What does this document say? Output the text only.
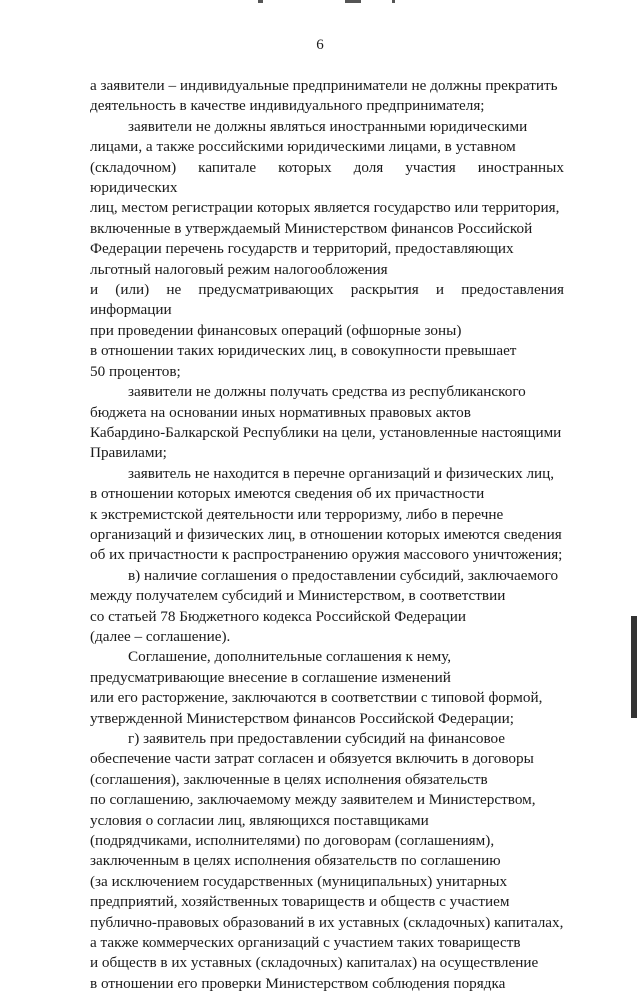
6

а заявители – индивидуальные предприниматели не должны прекратить
деятельность в качестве индивидуального предпринимателя;

заявители не должны являться иностранными юридическими
лицами, а также российскими юридическими лицами, в уставном
(складочном) капитале которых доля участия иностранных юридических
лиц, местом регистрации которых является государство или территория,
включенные в утверждаемый Министерством финансов Российской
Федерации перечень государств и территорий, предоставляющих
льготный налоговый режим налогообложения
и (или) не предусматривающих раскрытия и предоставления информации
при проведении финансовых операций (офшорные зоны)
в отношении таких юридических лиц, в совокупности превышает
50 процентов;

заявители не должны получать средства из республиканского
бюджета на основании иных нормативных правовых актов
Кабардино-Балкарской Республики на цели, установленные настоящими
Правилами;

заявитель не находится в перечне организаций и физических лиц,
в отношении которых имеются сведения об их причастности
к экстремистской деятельности или терроризму, либо в перечне
организаций и физических лиц, в отношении которых имеются сведения
об их причастности к распространению оружия массового уничтожения;

в) наличие соглашения о предоставлении субсидий, заключаемого
между получателем субсидий и Министерством, в соответствии
со статьей 78 Бюджетного кодекса Российской Федерации
(далее – соглашение).

Соглашение, дополнительные соглашения к нему,
предусматривающие внесение в соглашение изменений
или его расторжение, заключаются в соответствии с типовой формой,
утвержденной Министерством финансов Российской Федерации;

г) заявитель при предоставлении субсидий на финансовое
обеспечение части затрат согласен и обязуется включить в договоры
(соглашения), заключенные в целях исполнения обязательств
по соглашению, заключаемому между заявителем и Министерством,
условия о согласии лиц, являющихся поставщиками
(подрядчиками, исполнителями) по договорам (соглашениям),
заключенным в целях исполнения обязательств по соглашению
(за исключением государственных (муниципальных) унитарных
предприятий, хозяйственных товариществ и обществ с участием
публично-правовых образований в их уставных (складочных) капиталах,
а также коммерческих организаций с участием таких товариществ
и обществ в их уставных (складочных) капиталах) на осуществление
в отношении его проверки Министерством соблюдения порядка
